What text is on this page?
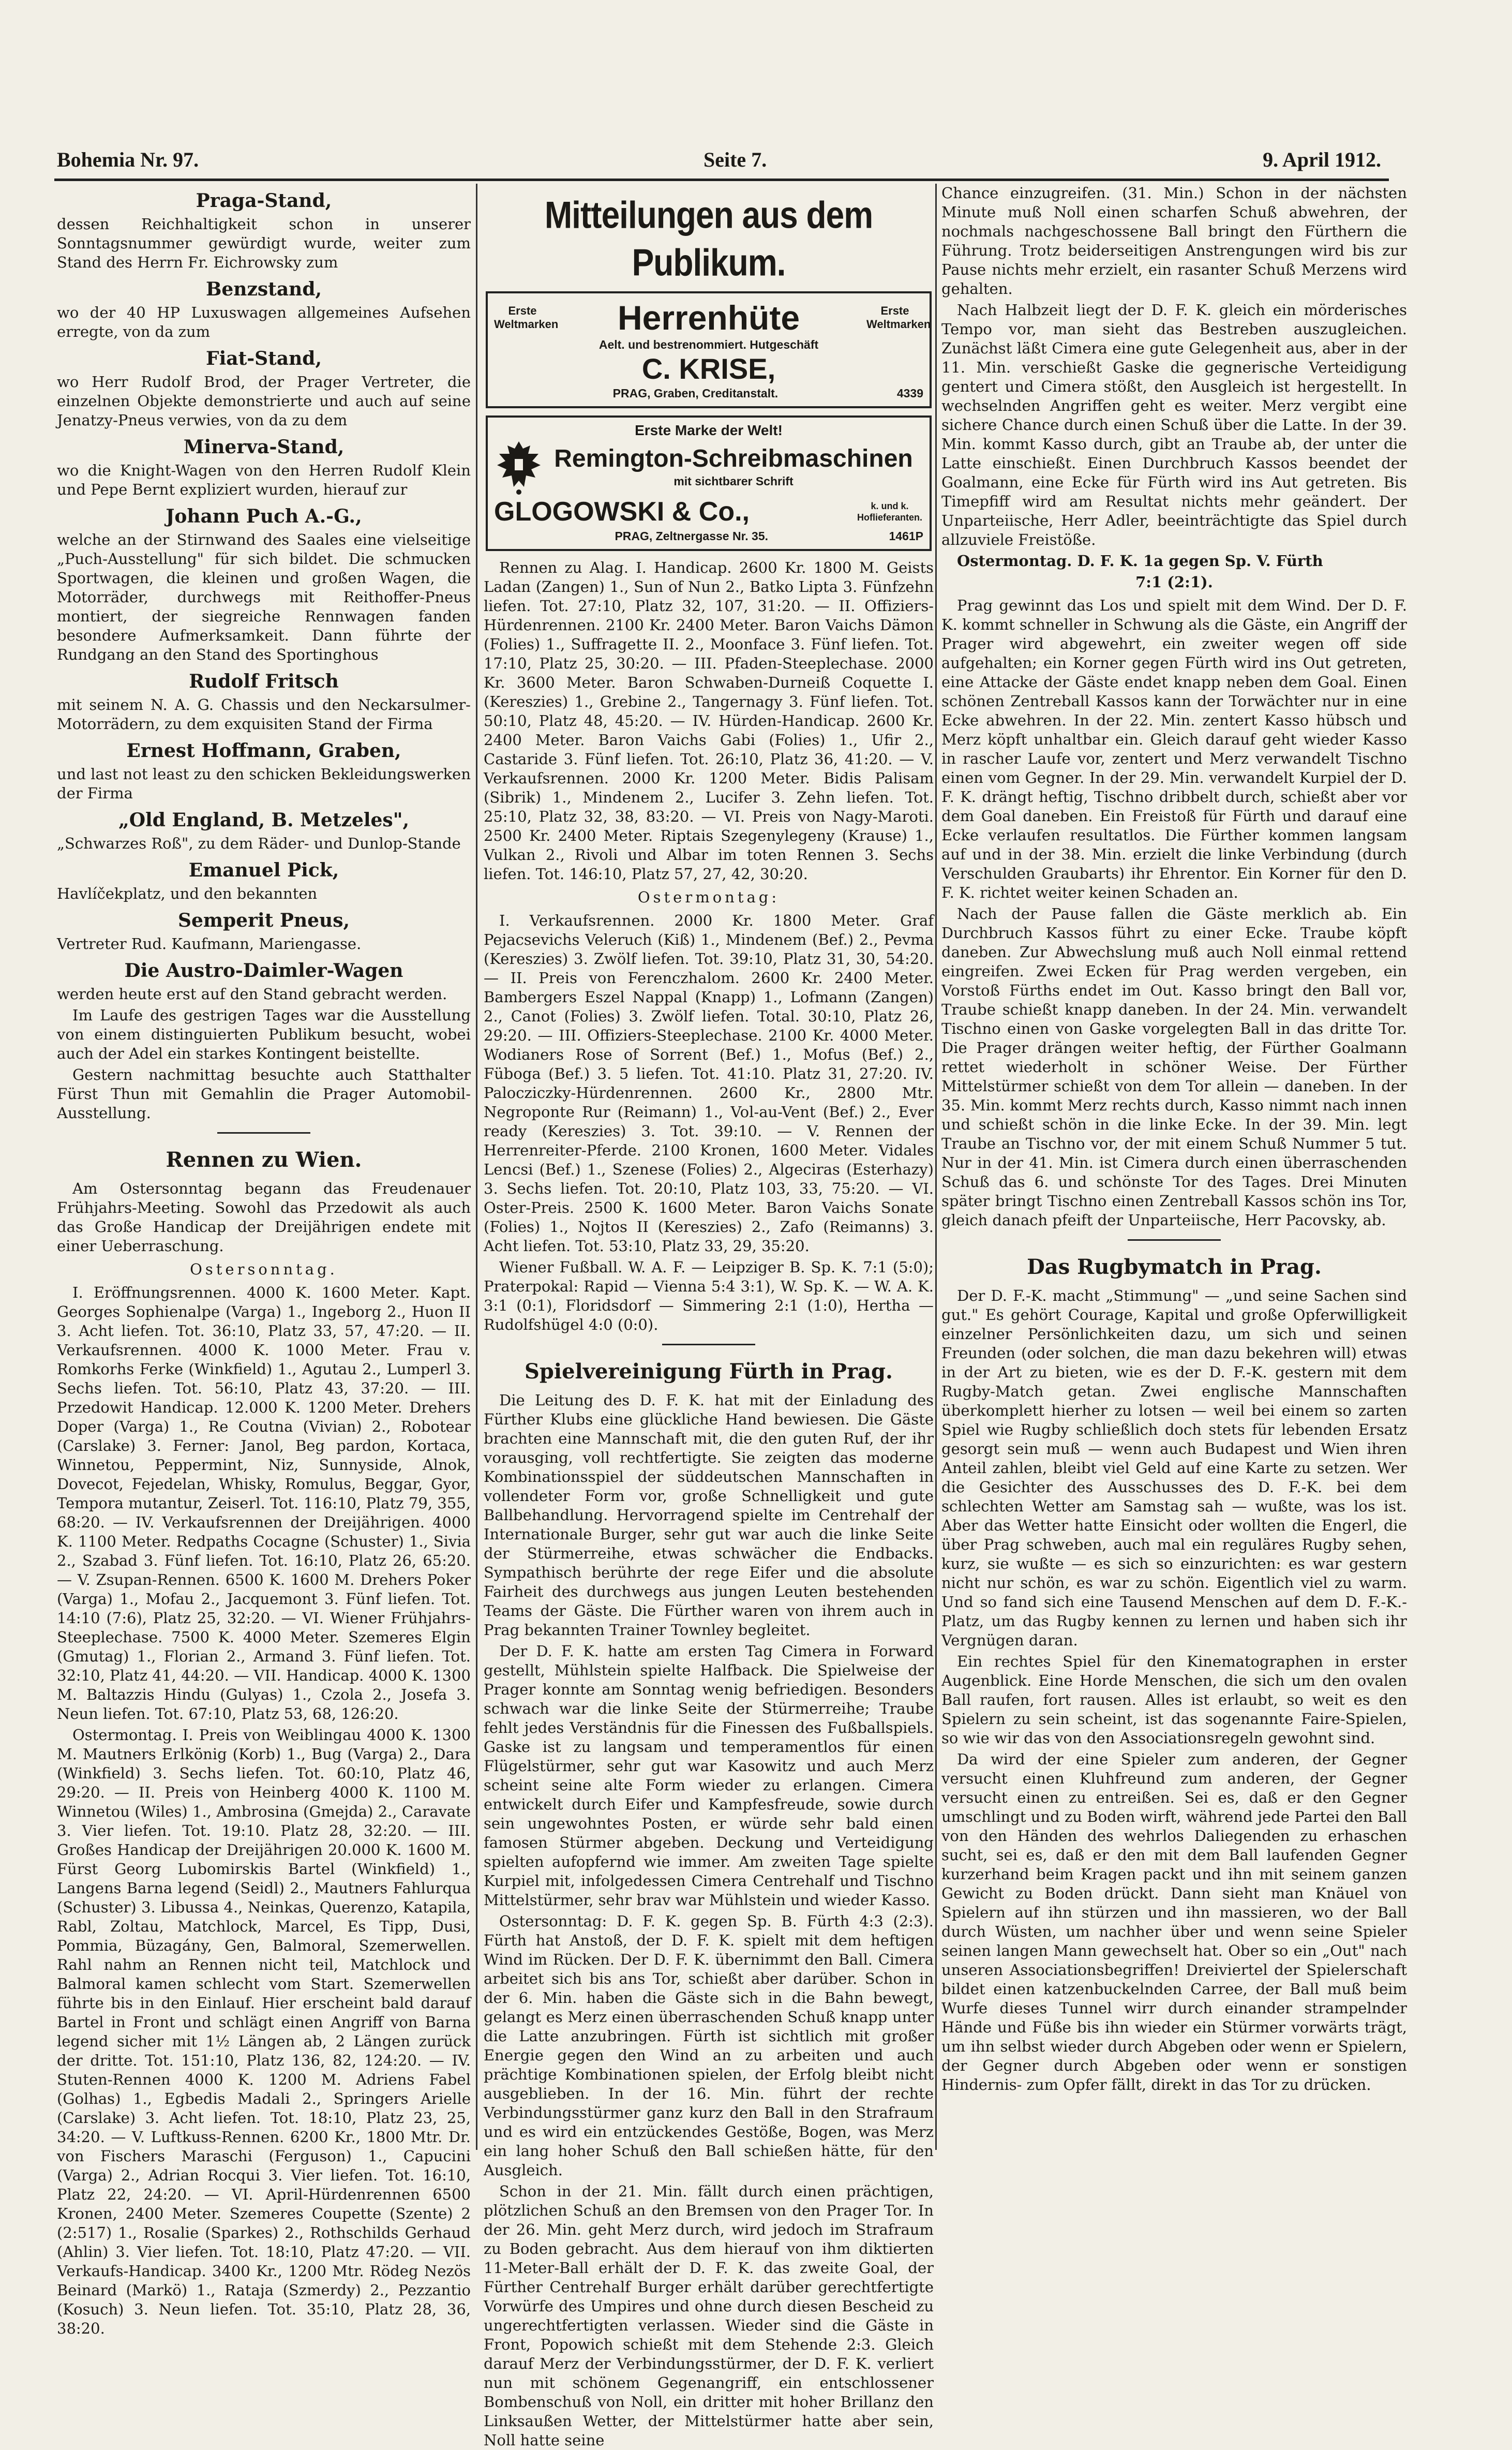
Bohemia Nr. 97.	Seite 7.	9. April 1912.
Praga-Stand,

dessen Reichhaltigkeit schon in unserer Sonntagsnummer gewürdigt wurde, weiter zum Stand des Herrn Fr. Eichrowsky zum

Benzstand,

wo der 40 HP Luxuswagen allgemeines Aufsehen erregte, von da zum

Fiat-Stand,

wo Herr Rudolf Brod, der Prager Vertreter, die einzelnen Objekte demonstrierte und auch auf seine Jenatzy-Pneus verwies, von da zu dem

Minerva-Stand,

wo die Knight-Wagen von den Herren Rudolf Klein und Pepe Bernt expliziert wurden, hierauf zur

Johann Puch A.-G.,

welche an der Stirnwand des Saales eine vielseitige „Puch-Ausstellung" für sich bildet. Die schmucken Sportwagen, die kleinen und großen Wagen, die Motorräder, durchwegs mit Reithoffer-Pneus montiert, der siegreiche Rennwagen fanden besondere Aufmerksamkeit. Dann führte der Rundgang an den Stand des Sportinghous

Rudolf Fritsch

mit seinem N. A. G. Chassis und den Neckarsulmer-Motorrädern, zu dem exquisiten Stand der Firma

Ernest Hoffmann, Graben,

und last not least zu den schicken Bekleidungswerken der Firma

„Old England, B. Metzeles",

„Schwarzes Roß", zu dem Räder- und Dunlop-Stande

Emanuel Pick,

Havlíčekplatz, und den bekannten

Semperit Pneus,

Vertreter Rud. Kaufmann, Mariengasse.

Die Austro-Daimler-Wagen

werden heute erst auf den Stand gebracht werden.

Im Laufe des gestrigen Tages war die Ausstellung von einem distinguierten Publikum besucht, wobei auch der Adel ein starkes Kontingent beistellte.

Gestern nachmittag besuchte auch Statthalter Fürst Thun mit Gemahlin die Prager Automobil-Ausstellung.

Rennen zu Wien.

Am Ostersonntag begann das Freudenauer Frühjahrs-Meeting. Sowohl das Przedowit als auch das Große Handicap der Dreijährigen endete mit einer Ueberraschung.

Ostersonntag.

I. Eröffnungsrennen. 4000 K. 1600 Meter. Kapt. Georges Sophienalpe (Varga) 1., Ingeborg 2., Huon II 3. Acht liefen. Tot. 36:10, Platz 33, 57, 47:20. — II. Verkaufsrennen. 4000 K. 1000 Meter. Frau v. Romkorhs Ferke (Winkfield) 1., Agutau 2., Lumperl 3. Sechs liefen. Tot. 56:10, Platz 43, 37:20. — III. Przedowit Handicap. 12.000 K. 1200 Meter. Drehers Doper (Varga) 1., Re Coutna (Vivian) 2., Robotear (Carslake) 3. Ferner: Janol, Beg pardon, Kortaca, Winnetou, Peppermint, Niz, Sunnyside, Alnok, Dovecot, Fejedelan, Whisky, Romulus, Beggar, Gyor, Tempora mutantur, Zeiserl. Tot. 116:10, Platz 79, 355, 68:20. — IV. Verkaufsrennen der Dreijährigen. 4000 K. 1100 Meter. Redpaths Cocagne (Schuster) 1., Sivia 2., Szabad 3. Fünf liefen. Tot. 16:10, Platz 26, 65:20. — V. Zsupan-Rennen. 6500 K. 1600 M. Drehers Poker (Varga) 1., Mofau 2., Jacquemont 3. Fünf liefen. Tot. 14:10 (7:6), Platz 25, 32:20. — VI. Wiener Frühjahrs-Steeplechase. 7500 K. 4000 Meter. Szemeres Elgin (Gmutag) 1., Florian 2., Armand 3. Fünf liefen. Tot. 32:10, Platz 41, 44:20. — VII. Handicap. 4000 K. 1300 M. Baltazzis Hindu (Gulyas) 1., Czola 2., Josefa 3. Neun liefen. Tot. 67:10, Platz 53, 68, 126:20.

Ostermontag. I. Preis von Weiblingau 4000 K. 1300 M. Mautners Erlkönig (Korb) 1., Bug (Varga) 2., Dara (Winkfield) 3. Sechs liefen. Tot. 60:10, Platz 46, 29:20. — II. Preis von Heinberg 4000 K. 1100 M. Winnetou (Wiles) 1., Ambrosina (Gmejda) 2., Caravate 3. Vier liefen. Tot. 19:10. Platz 28, 32:20. — III. Großes Handicap der Dreijährigen 20.000 K. 1600 M. Fürst Georg Lubomirskis Bartel (Winkfield) 1., Langens Barna legend (Seidl) 2., Mautners Fahlurqua (Schuster) 3. Libussa 4., Neinkas, Querenzo, Katapila, Rabl, Zoltau, Matchlock, Marcel, Es Tipp, Dusi, Pommia, Büzagány, Gen, Balmoral, Szemerwellen. Rahl nahm an Rennen nicht teil, Matchlock und Balmoral kamen schlecht vom Start. Szemerwellen führte bis in den Einlauf. Hier erscheint bald darauf Bartel in Front und schlägt einen Angriff von Barna legend sicher mit 1½ Längen ab, 2 Längen zurück der dritte. Tot. 151:10, Platz 136, 82, 124:20. — IV. Stuten-Rennen 4000 K. 1200 M. Adriens Fabel (Golhas) 1., Egbedis Madali 2., Springers Arielle (Carslake) 3. Acht liefen. Tot. 18:10, Platz 23, 25, 34:20. — V. Luftkuss-Rennen. 6200 Kr., 1800 Mtr. Dr. von Fischers Maraschi (Ferguson) 1., Capucini (Varga) 2., Adrian Rocqui 3. Vier liefen. Tot. 16:10, Platz 22, 24:20. — VI. April-Hürdenrennen 6500 Kronen, 2400 Meter. Szemeres Coupette (Szente) 2 (2:517) 1., Rosalie (Sparkes) 2., Rothschilds Gerhaud (Ahlin) 3. Vier liefen. Tot. 18:10, Platz 47:20. — VII. Verkaufs-Handicap. 3400 Kr., 1200 Mtr. Rödeg Nezös Beinard (Markö) 1., Rataja (Szmerdy) 2., Pezzantio (Kosuch) 3. Neun liefen. Tot. 35:10, Platz 28, 36, 38:20.

Mitteilungen aus dem Publikum.
Erste Weltmarken Herrenhüte	Erste Weltmarken
Aelt. und bestrenommiert. Hutgeschäft
C. KRISE,
PRAG, Graben, Creditanstalt.	4339
Erste Marke der Welt!
Remington-Schreibmaschinen
mit sichtbarer Schrift
GLOGOWSKI & Co.,	k. und k. Hoflieferanten.
PRAG, Zeltnergasse Nr. 35.	1461P

Rennen zu Alag. I. Handicap. 2600 Kr. 1800 M. Geists Ladan (Zangen) 1., Sun of Nun 2., Batko Lipta 3. Fünfzehn liefen. Tot. 27:10, Platz 32, 107, 31:20. — II. Offiziers-Hürdenrennen. 2100 Kr. 2400 Meter. Baron Vaichs Dämon (Folies) 1., Suffragette II. 2., Moonface 3. Fünf liefen. Tot. 17:10, Platz 25, 30:20. — III. Pfaden-Steeplechase. 2000 Kr. 3600 Meter. Baron Schwaben-Durneiß Coquette I. (Kereszies) 1., Grebine 2., Tangernagy 3. Fünf liefen. Tot. 50:10, Platz 48, 45:20. — IV. Hürden-Handicap. 2600 Kr. 2400 Meter. Baron Vaichs Gabi (Folies) 1., Ufir 2., Castaride 3. Fünf liefen. Tot. 26:10, Platz 36, 41:20. — V. Verkaufsrennen. 2000 Kr. 1200 Meter. Bidis Palisam (Sibrik) 1., Mindenem 2., Lucifer 3. Zehn liefen. Tot. 25:10, Platz 32, 38, 83:20. — VI. Preis von Nagy-Maroti. 2500 Kr. 2400 Meter. Riptais Szegenylegeny (Krause) 1., Vulkan 2., Rivoli und Albar im toten Rennen 3. Sechs liefen. Tot. 146:10, Platz 57, 27, 42, 30:20.

Ostermontag:

I. Verkaufsrennen. 2000 Kr. 1800 Meter. Graf Pejacsevichs Veleruch (Kiß) 1., Mindenem (Bef.) 2., Pevma (Kereszies) 3. Zwölf liefen. Tot. 39:10, Platz 31, 30, 54:20. — II. Preis von Ferenczhalom. 2600 Kr. 2400 Meter. Bambergers Eszel Nappal (Knapp) 1., Lofmann (Zangen) 2., Canot (Folies) 3. Zwölf liefen. Total. 30:10, Platz 26, 29:20. — III. Offiziers-Steeplechase. 2100 Kr. 4000 Meter. Wodianers Rose of Sorrent (Bef.) 1., Mofus (Bef.) 2., Füboga (Bef.) 3. 5 liefen. Tot. 41:10. Platz 31, 27:20. IV. Palocziczky-Hürdenrennen. 2600 Kr., 2800 Mtr. Negroponte Rur (Reimann) 1., Vol-au-Vent (Bef.) 2., Ever ready (Kereszies) 3. Tot. 39:10. — V. Rennen der Herrenreiter-Pferde. 2100 Kronen, 1600 Meter. Vidales Lencsi (Bef.) 1., Szenese (Folies) 2., Algeciras (Esterhazy) 3. Sechs liefen. Tot. 20:10, Platz 103, 33, 75:20. — VI. Oster-Preis. 2500 K. 1600 Meter. Baron Vaichs Sonate (Folies) 1., Nojtos II (Kereszies) 2., Zafo (Reimanns) 3. Acht liefen. Tot. 53:10, Platz 33, 29, 35:20.

Wiener Fußball. W. A. F. — Leipziger B. Sp. K. 7:1 (5:0); Praterpokal: Rapid — Vienna 5:4 3:1), W. Sp. K. — W. A. K. 3:1 (0:1), Floridsdorf — Simmering 2:1 (1:0), Hertha — Rudolfshügel 4:0 (0:0).

Spielvereinigung Fürth in Prag.

Die Leitung des D. F. K. hat mit der Einladung des Fürther Klubs eine glückliche Hand bewiesen. Die Gäste brachten eine Mannschaft mit, die den guten Ruf, der ihr vorausging, voll rechtfertigte. Sie zeigten das moderne Kombinationsspiel der süddeutschen Mannschaften in vollendeter Form vor, große Schnelligkeit und gute Ballbehandlung. Hervorragend spielte im Centrehalf der Internationale Burger, sehr gut war auch die linke Seite der Stürmerreihe, etwas schwächer die Endbacks. Sympathisch berührte der rege Eifer und die absolute Fairheit des durchwegs aus jungen Leuten bestehenden Teams der Gäste. Die Fürther waren von ihrem auch in Prag bekannten Trainer Townley begleitet.

Der D. F. K. hatte am ersten Tag Cimera in Forward gestellt, Mühlstein spielte Halfback. Die Spielweise der Prager konnte am Sonntag wenig befriedigen. Besonders schwach war die linke Seite der Stürmerreihe; Traube fehlt jedes Verständnis für die Finessen des Fußballspiels. Gaske ist zu langsam und temperamentlos für einen Flügelstürmer, sehr gut war Kasowitz und auch Merz scheint seine alte Form wieder zu erlangen. Cimera entwickelt durch Eifer und Kampfesfreude, sowie durch sein ungewohntes Posten, er würde sehr bald einen famosen Stürmer abgeben. Deckung und Verteidigung spielten aufopfernd wie immer. Am zweiten Tage spielte Kurpiel mit, infolgedessen Cimera Centrehalf und Tischno Mittelstürmer, sehr brav war Mühlstein und wieder Kasso.

Ostersonntag: D. F. K. gegen Sp. B. Fürth 4:3 (2:3). Fürth hat Anstoß, der D. F. K. spielt mit dem heftigen Wind im Rücken. Der D. F. K. übernimmt den Ball. Cimera arbeitet sich bis ans Tor, schießt aber darüber. Schon in der 6. Min. haben die Gäste sich in die Bahn bewegt, gelangt es Merz einen überraschenden Schuß knapp unter die Latte anzubringen. Fürth ist sichtlich mit großer Energie gegen den Wind an zu arbeiten und auch prächtige Kombinationen spielen, der Erfolg bleibt nicht ausgeblieben. In der 16. Min. führt der rechte Verbindungsstürmer ganz kurz den Ball in den Strafraum und es wird ein entzückendes Gestöße, Bogen, was Merz ein lang hoher Schuß den Ball schießen hätte, für den Ausgleich.

Schon in der 21. Min. fällt durch einen prächtigen, plötzlichen Schuß an den Bremsen von den Prager Tor. In der 26. Min. geht Merz durch, wird jedoch im Strafraum zu Boden gebracht. Aus dem hierauf von ihm diktierten 11-Meter-Ball erhält der D. F. K. das zweite Goal, der Fürther Centrehalf Burger erhält darüber gerechtfertigte Vorwürfe des Umpires und ohne durch diesen Bescheid zu ungerechtfertigten verlassen. Wieder sind die Gäste in Front, Popowich schießt mit dem Stehende 2:3. Gleich darauf Merz der Verbindungsstürmer, der D. F. K. verliert nun mit schönem Gegenangriff, ein entschlossener Bombenschuß von Noll, ein dritter mit hoher Brillanz den Linksaußen Wetter, der Mittelstürmer hatte aber sein, Noll hatte seine

Chance einzugreifen. (31. Min.) Schon in der nächsten Minute muß Noll einen scharfen Schuß abwehren, der nochmals nachgeschossene Ball bringt den Fürthern die Führung. Trotz beiderseitigen Anstrengungen wird bis zur Pause nichts mehr erzielt, ein rasanter Schuß Merzens wird gehalten.

Nach Halbzeit liegt der D. F. K. gleich ein mörderisches Tempo vor, man sieht das Bestreben auszugleichen. Zunächst läßt Cimera eine gute Gelegenheit aus, aber in der 11. Min. verschießt Gaske die gegnerische Verteidigung gentert und Cimera stößt, den Ausgleich ist hergestellt. In wechselnden Angriffen geht es weiter. Merz vergibt eine sichere Chance durch einen Schuß über die Latte. In der 39. Min. kommt Kasso durch, gibt an Traube ab, der unter die Latte einschießt. Einen Durchbruch Kassos beendet der Goalmann, eine Ecke für Fürth wird ins Aut getreten. Bis Timepfiff wird am Resultat nichts mehr geändert. Der Unparteiische, Herr Adler, beeinträchtigte das Spiel durch allzuviele Freistöße.

Ostermontag. D. F. K. 1a gegen Sp. V. Fürth

7:1 (2:1).

Prag gewinnt das Los und spielt mit dem Wind. Der D. F. K. kommt schneller in Schwung als die Gäste, ein Angriff der Prager wird abgewehrt, ein zweiter wegen off side aufgehalten; ein Korner gegen Fürth wird ins Out getreten, eine Attacke der Gäste endet knapp neben dem Goal. Einen schönen Zentreball Kassos kann der Torwächter nur in eine Ecke abwehren. In der 22. Min. zentert Kasso hübsch und Merz köpft unhaltbar ein. Gleich darauf geht wieder Kasso in rascher Laufe vor, zentert und Merz verwandelt Tischno einen vom Gegner. In der 29. Min. verwandelt Kurpiel der D. F. K. drängt heftig, Tischno dribbelt durch, schießt aber vor dem Goal daneben. Ein Freistoß für Fürth und darauf eine Ecke verlaufen resultatlos. Die Fürther kommen langsam auf und in der 38. Min. erzielt die linke Verbindung (durch Verschulden Graubarts) ihr Ehrentor. Ein Korner für den D. F. K. richtet weiter keinen Schaden an.

Nach der Pause fallen die Gäste merklich ab. Ein Durchbruch Kassos führt zu einer Ecke. Traube köpft daneben. Zur Abwechslung muß auch Noll einmal rettend eingreifen. Zwei Ecken für Prag werden vergeben, ein Vorstoß Fürths endet im Out. Kasso bringt den Ball vor, Traube schießt knapp daneben. In der 24. Min. verwandelt Tischno einen von Gaske vorgelegten Ball in das dritte Tor. Die Prager drängen weiter heftig, der Fürther Goalmann rettet wiederholt in schöner Weise. Der Fürther Mittelstürmer schießt von dem Tor allein — daneben. In der 35. Min. kommt Merz rechts durch, Kasso nimmt nach innen und schießt schön in die linke Ecke. In der 39. Min. legt Traube an Tischno vor, der mit einem Schuß Nummer 5 tut. Nur in der 41. Min. ist Cimera durch einen überraschenden Schuß das 6. und schönste Tor des Tages. Drei Minuten später bringt Tischno einen Zentreball Kassos schön ins Tor, gleich danach pfeift der Unparteiische, Herr Pacovsky, ab.

Das Rugbymatch in Prag.

Der D. F.-K. macht „Stimmung" — „und seine Sachen sind gut." Es gehört Courage, Kapital und große Opferwilligkeit einzelner Persönlichkeiten dazu, um sich und seinen Freunden (oder solchen, die man dazu bekehren will) etwas in der Art zu bieten, wie es der D. F.-K. gestern mit dem Rugby-Match getan. Zwei englische Mannschaften überkomplett hierher zu lotsen — weil bei einem so zarten Spiel wie Rugby schließlich doch stets für lebenden Ersatz gesorgt sein muß — wenn auch Budapest und Wien ihren Anteil zahlen, bleibt viel Geld auf eine Karte zu setzen. Wer die Gesichter des Ausschusses des D. F.-K. bei dem schlechten Wetter am Samstag sah — wußte, was los ist. Aber das Wetter hatte Einsicht oder wollten die Engerl, die über Prag schweben, auch mal ein reguläres Rugby sehen, kurz, sie wußte — es sich so einzurichten: es war gestern nicht nur schön, es war zu schön. Eigentlich viel zu warm. Und so fand sich eine Tausend Menschen auf dem D. F.-K.-Platz, um das Rugby kennen zu lernen und haben sich ihr Vergnügen daran.

Ein rechtes Spiel für den Kinematographen in erster Augenblick. Eine Horde Menschen, die sich um den ovalen Ball raufen, fort rausen. Alles ist erlaubt, so weit es den Spielern zu sein scheint, ist das sogenannte Faire-Spielen, so wie wir das von den Associationsregeln gewohnt sind.

Da wird der eine Spieler zum anderen, der Gegner versucht einen Kluhfreund zum anderen, der Gegner versucht einen zu entreißen. Sei es, daß er den Gegner umschlingt und zu Boden wirft, während jede Partei den Ball von den Händen des wehrlos Daliegenden zu erhaschen sucht, sei es, daß er den mit dem Ball laufenden Gegner kurzerhand beim Kragen packt und ihn mit seinem ganzen Gewicht zu Boden drückt. Dann sieht man Knäuel von Spielern auf ihn stürzen und ihn massieren, wo der Ball durch Wüsten, um nachher über und wenn seine Spieler seinen langen Mann gewechselt hat. Ober so ein „Out" nach unseren Associationsbegriffen! Dreiviertel der Spielerschaft bildet einen katzenbuckelnden Carree, der Ball muß beim Wurfe dieses Tunnel wirr durch einander strampelnder Hände und Füße bis ihn wieder ein Stürmer vorwärts trägt, um ihn selbst wieder durch Abgeben oder wenn er Spielern, der Gegner durch Abgeben oder wenn er sonstigen Hindernis- zum Opfer fällt, direkt in das Tor zu drücken.
